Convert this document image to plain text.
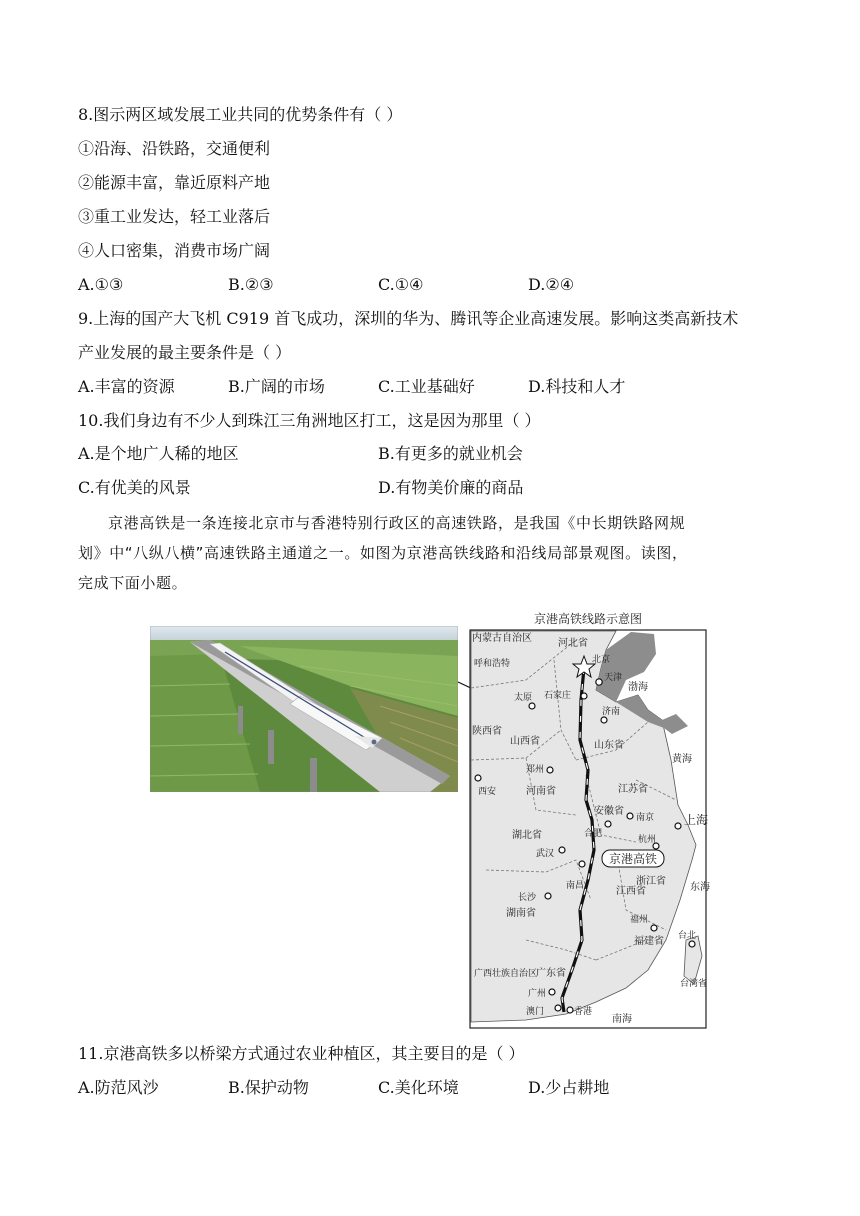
8.图示两区域发展工业共同的优势条件有（ ）
①沿海、沿铁路，交通便利
②能源丰富，靠近原料产地
③重工业发达，轻工业落后
④人口密集，消费市场广阔
A.①③	B.②③	C.①④	D.②④
9.上海的国产大飞机 C919 首飞成功，深圳的华为、腾讯等企业高速发展。影响这类高新技术
产业发展的最主要条件是（ ）
A.丰富的资源	B.广阔的市场	C.工业基础好	D.科技和人才
10.我们身边有不少人到珠江三角洲地区打工，这是因为那里（ ）
A.是个地广人稀的地区	B.有更多的就业机会
C.有优美的风景	D.有物美价廉的商品
京港高铁是一条连接北京市与香港特别行政区的高速铁路，是我国《中长期铁路网规
划》中“八纵八横”高速铁路主通道之一。如图为京港高铁线路和沿线局部景观图。读图，
完成下面小题。
京港高铁线路示意图
京港高铁
内蒙古自治区	河北省
山西省
陕西省
河南省
山东省
江苏省
安徽省
湖北省
江西省
浙江省
湖南省
福建省
广西壮族自治区
广东省
台湾省
北京
天津
呼和浩特
太原 石家庄
济南
郑州
西安
南京
合肥
上海
杭州
武汉
南昌
长沙
福州
台北
广州
澳门	香港
渤海
黄海
东海
南海
11.京港高铁多以桥梁方式通过农业种植区，其主要目的是（ ）
A.防范风沙	B.保护动物	C.美化环境	D.少占耕地
